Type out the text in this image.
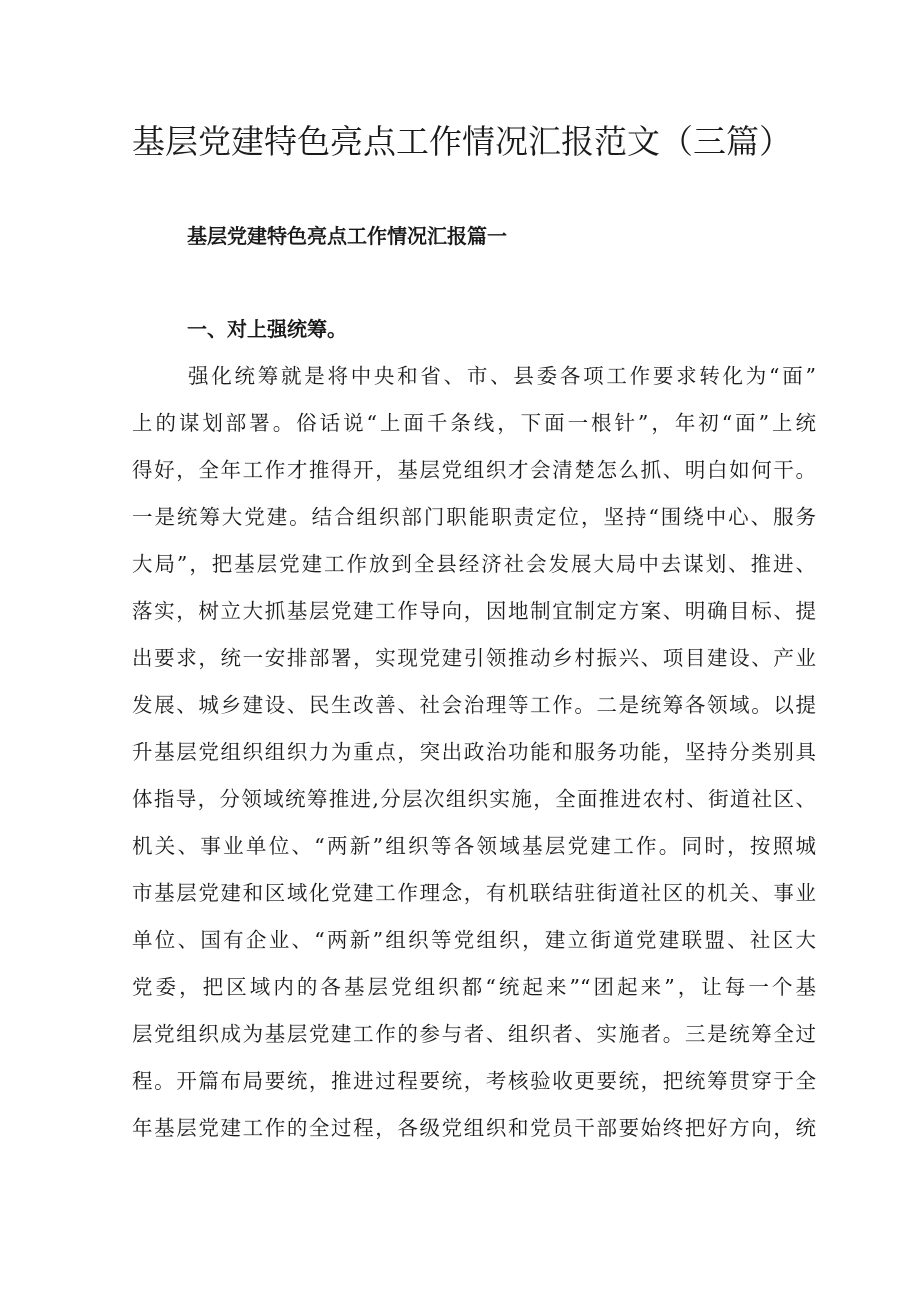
基层党建特色亮点工作情况汇报范文（三篇）
基层党建特色亮点工作情况汇报篇一
一、对上强统筹。
强化统筹就是将中央和省、市、县委各项工作要求转化为“面”
上的谋划部署。俗话说“上面千条线，下面一根针”，年初“面”上统
得好，全年工作才推得开，基层党组织才会清楚怎么抓、明白如何干。
一是统筹大党建。结合组织部门职能职责定位，坚持“围绕中心、服务
大局”，把基层党建工作放到全县经济社会发展大局中去谋划、推进、
落实，树立大抓基层党建工作导向，因地制宜制定方案、明确目标、提
出要求，统一安排部署，实现党建引领推动乡村振兴、项目建设、产业
发展、城乡建设、民生改善、社会治理等工作。二是统筹各领域。以提
升基层党组织组织力为重点，突出政治功能和服务功能，坚持分类别具
体指导，分领域统筹推进,分层次组织实施，全面推进农村、街道社区、
机关、事业单位、“两新”组织等各领域基层党建工作。同时，按照城
市基层党建和区域化党建工作理念，有机联结驻街道社区的机关、事业
单位、国有企业、“两新”组织等党组织，建立街道党建联盟、社区大
党委，把区域内的各基层党组织都“统起来”“团起来”，让每一个基
层党组织成为基层党建工作的参与者、组织者、实施者。三是统筹全过
程。开篇布局要统，推进过程要统，考核验收更要统，把统筹贯穿于全
年基层党建工作的全过程，各级党组织和党员干部要始终把好方向，统
